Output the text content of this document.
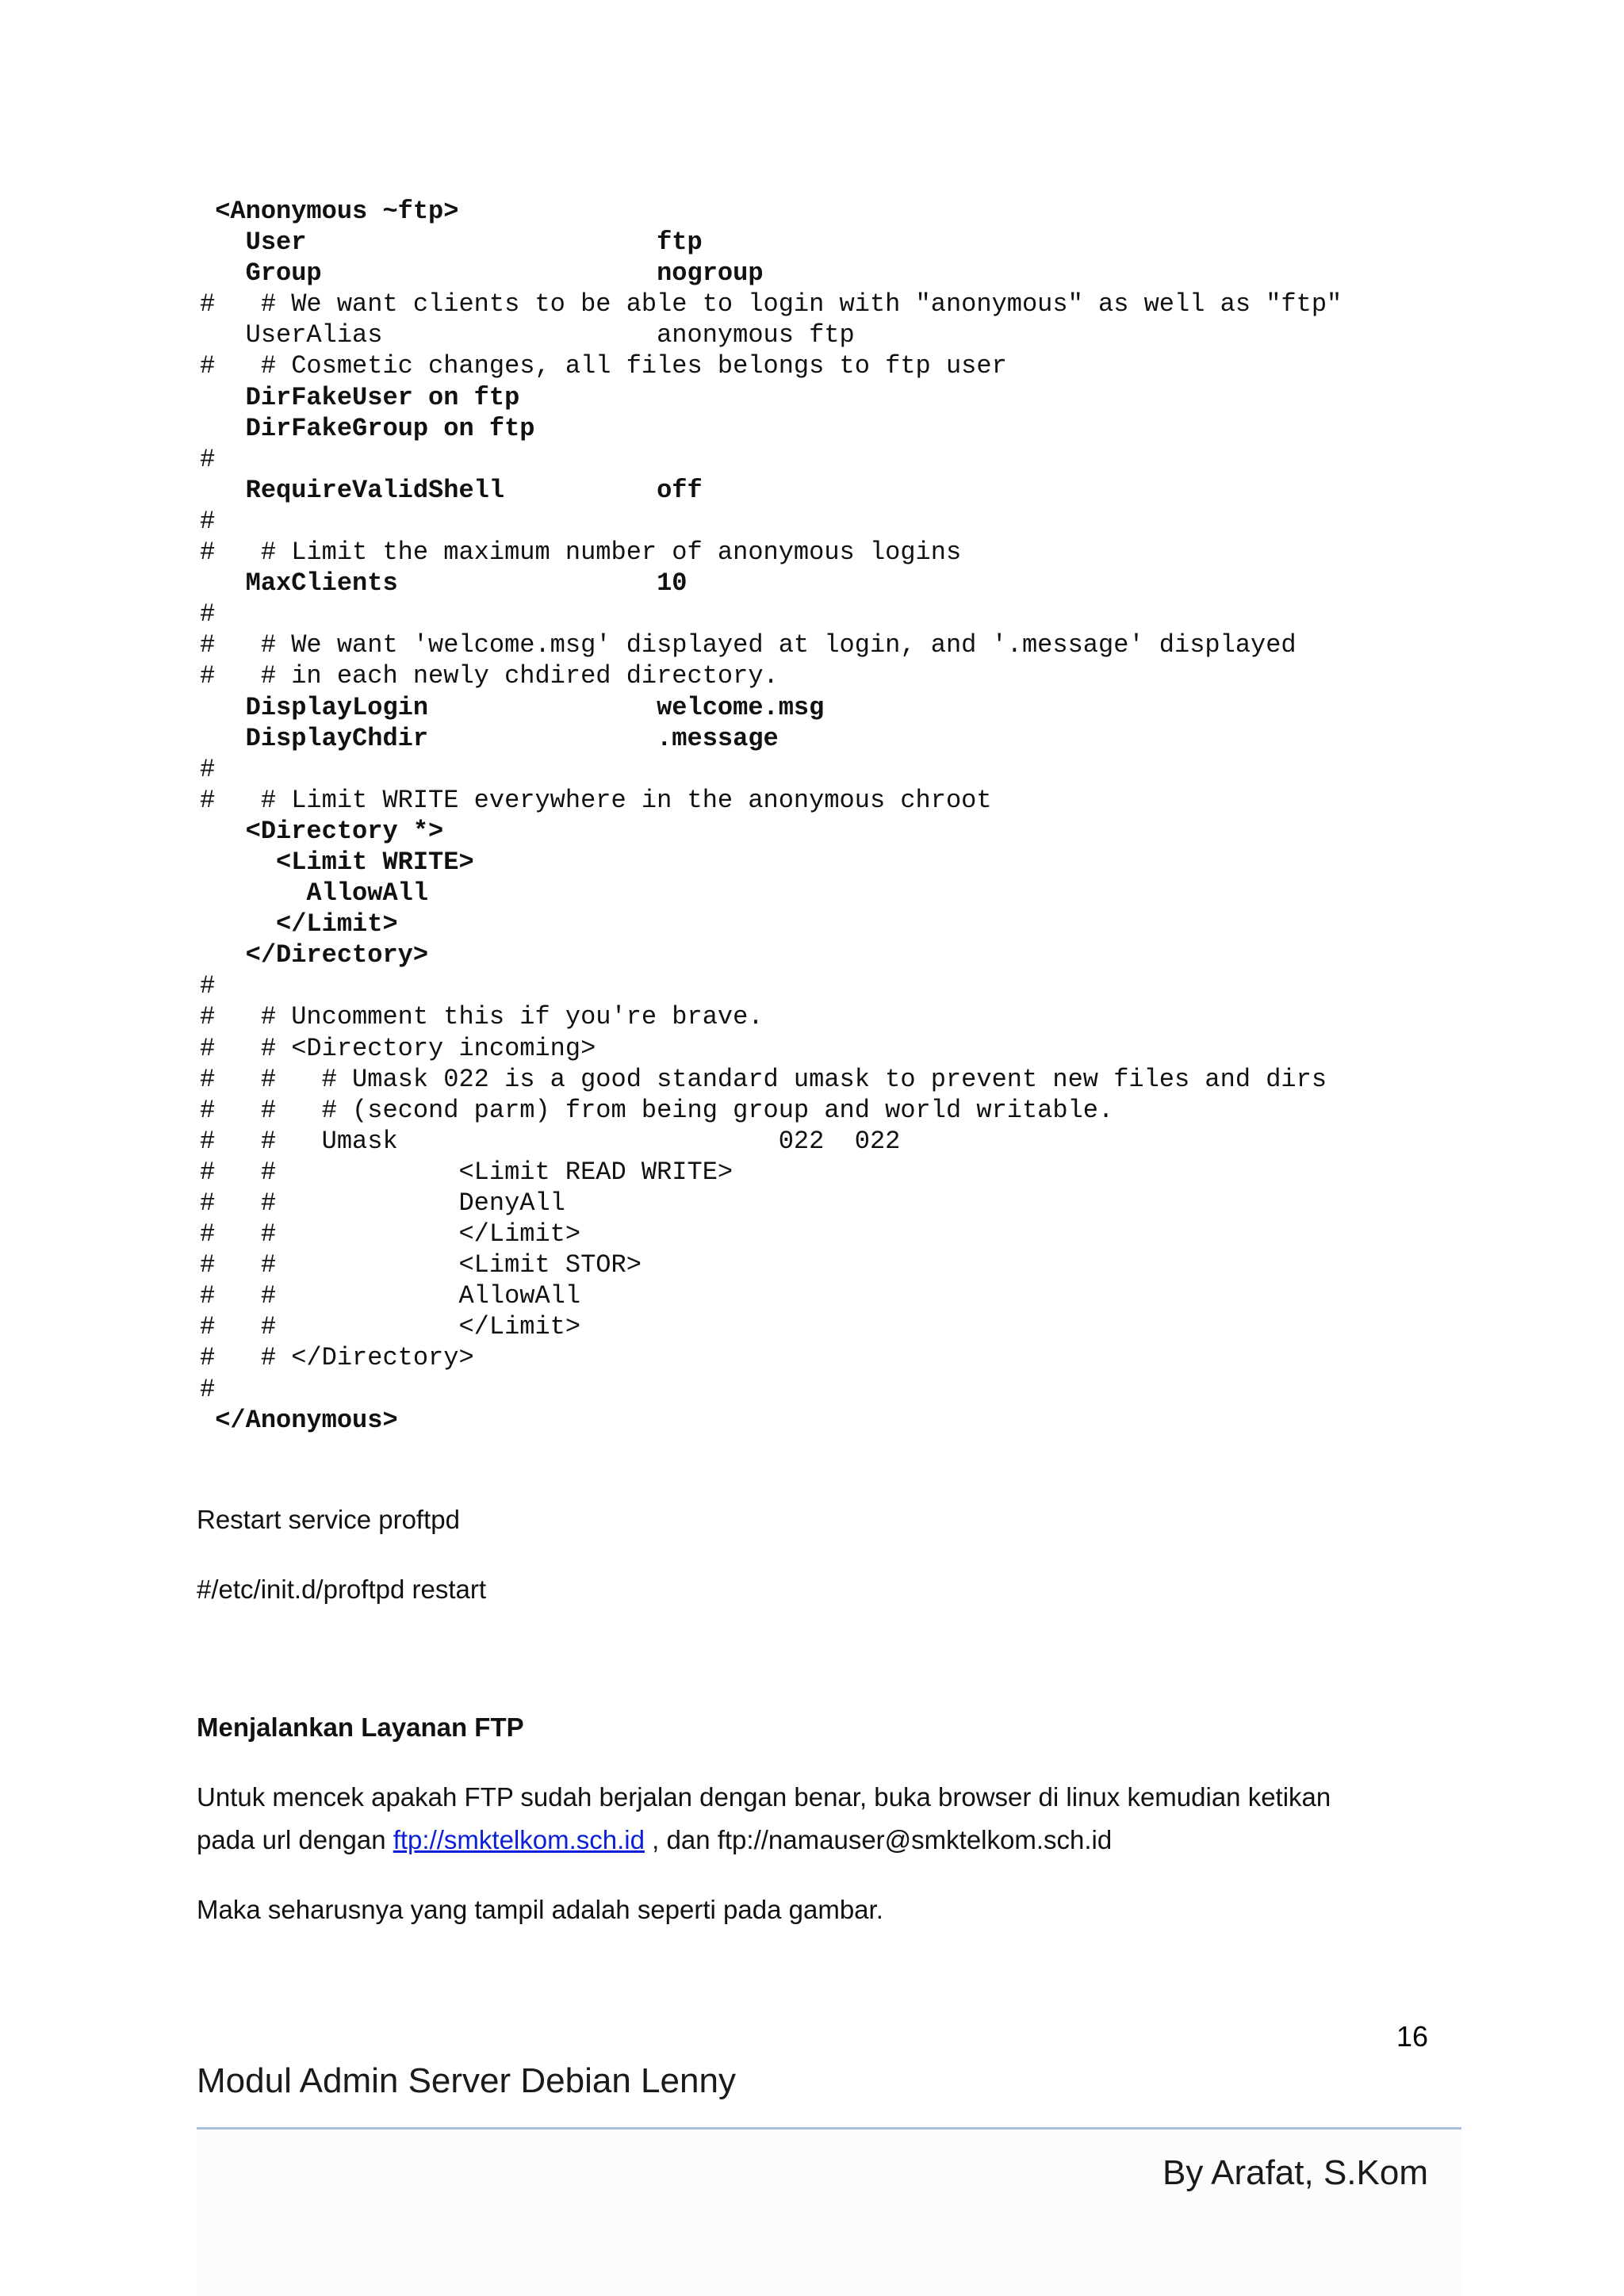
<Anonymous ~ftp>
User                       ftp
Group                      nogroup
#   # We want clients to be able to login with "anonymous" as well as "ftp"
UserAlias                  anonymous ftp
#   # Cosmetic changes, all files belongs to ftp user
DirFakeUser on ftp
DirFakeGroup on ftp
#
RequireValidShell          off
#
#   # Limit the maximum number of anonymous logins
MaxClients                 10
#
#   # We want 'welcome.msg' displayed at login, and '.message' displayed
#   # in each newly chdired directory.
DisplayLogin               welcome.msg
DisplayChdir               .message
#
#   # Limit WRITE everywhere in the anonymous chroot
<Directory *>
<Limit WRITE>
AllowAll
</Limit>
</Directory>
#
#   # Uncomment this if you're brave.
#   # <Directory incoming>
#   #   # Umask 022 is a good standard umask to prevent new files and dirs
#   #   # (second parm) from being group and world writable.
#   #   Umask                         022  022
#   #            <Limit READ WRITE>
#   #            DenyAll
#   #            </Limit>
#   #            <Limit STOR>
#   #            AllowAll
#   #            </Limit>
#   # </Directory>
#
</Anonymous>
Restart service proftpd
#/etc/init.d/proftpd restart
Menjalankan Layanan FTP
Untuk mencek apakah FTP sudah berjalan dengan benar, buka browser di linux kemudian ketikan
pada url dengan ftp://smktelkom.sch.id , dan ftp://namauser@smktelkom.sch.id
Maka seharusnya yang tampil adalah seperti pada gambar.
16
Modul Admin Server Debian Lenny
By Arafat, S.Kom
